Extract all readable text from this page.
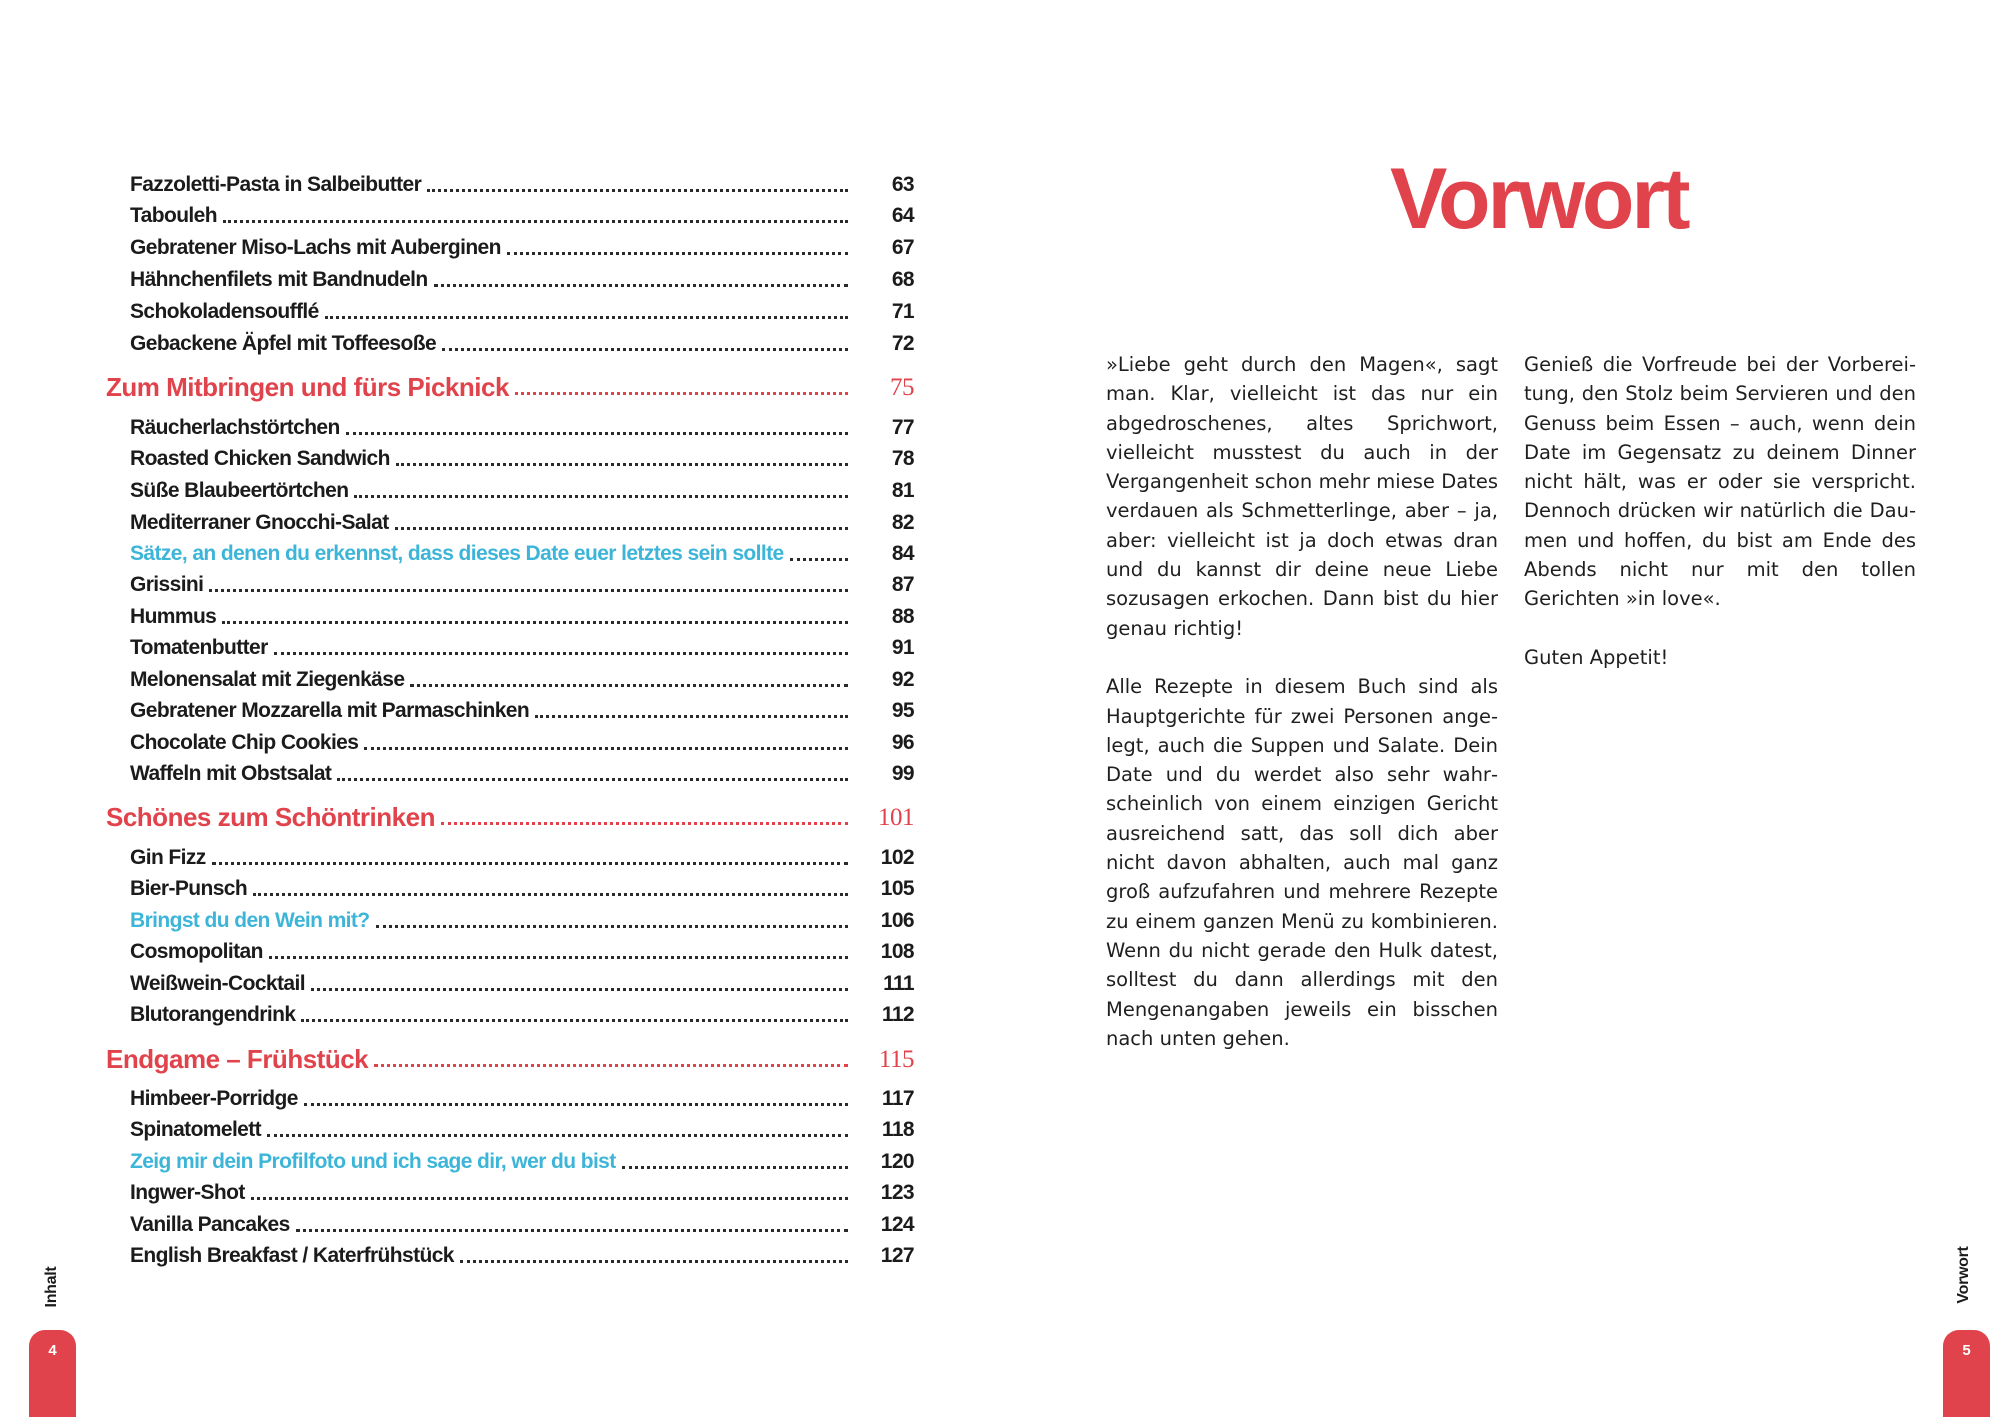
Fazzoletti-Pasta in Salbeibutter	63
Tabouleh	64
Gebratener Miso-Lachs mit Auberginen	67
Hähnchenfilets mit Bandnudeln	68
Schokoladensoufflé	71
Gebackene Äpfel mit Toffeesoße	72
Zum Mitbringen und fürs Picknick	75
Räucherlachstörtchen	77
Roasted Chicken Sandwich	78
Süße Blaubeertörtchen	81
Mediterraner Gnocchi-Salat	82
Sätze, an denen du erkennst, dass dieses Date euer letztes sein sollte	84
Grissini	87
Hummus	88
Tomatenbutter	91
Melonensalat mit Ziegenkäse	92
Gebratener Mozzarella mit Parmaschinken	95
Chocolate Chip Cookies	96
Waffeln mit Obstsalat	99
Schönes zum Schöntrinken	101
Gin Fizz	102
Bier-Punsch	105
Bringst du den Wein mit?	106
Cosmopolitan	108
Weißwein-Cocktail	111
Blutorangendrink	112
Endgame – Frühstück	115
Himbeer-Porridge	117
Spinatomelett	118
Zeig mir dein Profilfoto und ich sage dir, wer du bist	120
Ingwer-Shot	123
Vanilla Pancakes	124
English Breakfast / Katerfrühstück	127
Inhalt
4
Vorwort

»Liebe geht durch den Magen«, sagt man. Klar, vielleicht ist das nur ein abgedroschenes, altes Sprichwort, vielleicht musstest du auch in der Vergangenheit schon mehr miese Dates verdauen als Schmetterlinge, aber – ja, aber: vielleicht ist ja doch etwas dran und du kannst dir deine neue Liebe sozusagen erkochen. Dann bist du hier genau richtig!

Alle Rezepte in diesem Buch sind als Hauptgerichte für zwei Personen angelegt, auch die Suppen und Salate. Dein Date und du werdet also sehr wahrscheinlich von einem einzigen Gericht ausreichend satt, das soll dich aber nicht davon abhalten, auch mal ganz groß aufzufahren und mehrere Rezepte zu einem ganzen Menü zu kombinieren. Wenn du nicht gerade den Hulk datest, solltest du dann allerdings mit den Mengenangaben jeweils ein bisschen nach unten gehen.

Genieß die Vorfreude bei der Vorbereitung, den Stolz beim Servieren und den Genuss beim Essen – auch, wenn dein Date im Gegensatz zu deinem Dinner nicht hält, was er oder sie verspricht. Dennoch drücken wir natürlich die Daumen und hoffen, du bist am Ende des Abends nicht nur mit den tollen Gerichten »in love«.

Guten Appetit!

Vorwort
5
